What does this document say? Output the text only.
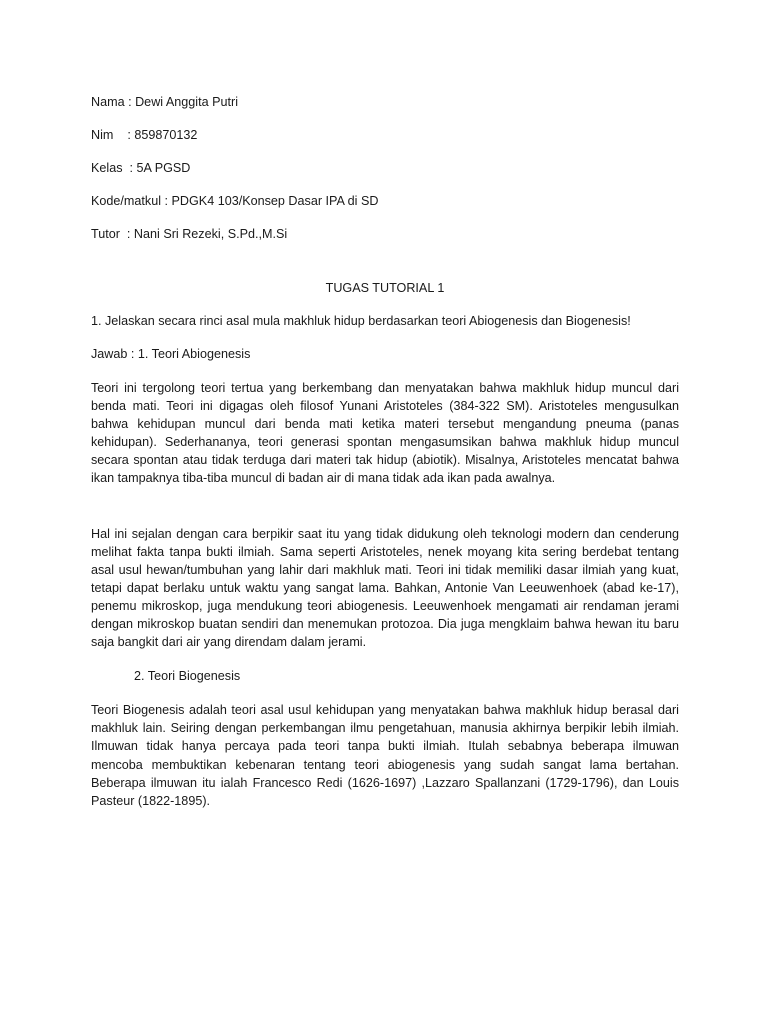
Nama : Dewi Anggita Putri
Nim    : 859870132
Kelas  : 5A PGSD
Kode/matkul : PDGK4 103/Konsep Dasar IPA di SD
Tutor  : Nani Sri Rezeki, S.Pd.,M.Si
TUGAS TUTORIAL 1
1. Jelaskan secara rinci asal mula makhluk hidup berdasarkan teori Abiogenesis dan Biogenesis!
Jawab : 1. Teori Abiogenesis
Teori ini tergolong teori tertua yang berkembang dan menyatakan bahwa makhluk hidup muncul dari
benda mati. Teori ini digagas oleh filosof Yunani Aristoteles (384-322 SM). Aristoteles mengusulkan
bahwa kehidupan muncul dari benda mati ketika materi tersebut mengandung pneuma (panas
kehidupan). Sederhananya, teori generasi spontan mengasumsikan bahwa makhluk hidup muncul
secara spontan atau tidak terduga dari materi tak hidup (abiotik). Misalnya, Aristoteles mencatat bahwa
ikan tampaknya tiba-tiba muncul di badan air di mana tidak ada ikan pada awalnya.
Hal ini sejalan dengan cara berpikir saat itu yang tidak didukung oleh teknologi modern dan cenderung
melihat fakta tanpa bukti ilmiah. Sama seperti Aristoteles, nenek moyang kita sering berdebat tentang
asal usul hewan/tumbuhan yang lahir dari makhluk mati. Teori ini tidak memiliki dasar ilmiah yang kuat,
tetapi dapat berlaku untuk waktu yang sangat lama. Bahkan, Antonie Van Leeuwenhoek (abad ke-17),
penemu mikroskop, juga mendukung teori abiogenesis. Leeuwenhoek mengamati air rendaman jerami
dengan mikroskop buatan sendiri dan menemukan protozoa. Dia juga mengklaim bahwa hewan itu baru
saja bangkit dari air yang direndam dalam jerami.
2. Teori Biogenesis
Teori Biogenesis adalah teori asal usul kehidupan yang menyatakan bahwa makhluk hidup berasal dari
makhluk lain. Seiring dengan perkembangan ilmu pengetahuan, manusia akhirnya berpikir lebih ilmiah.
Ilmuwan tidak hanya percaya pada teori tanpa bukti ilmiah. Itulah sebabnya beberapa ilmuwan
mencoba membuktikan kebenaran tentang teori abiogenesis yang sudah sangat lama bertahan.
Beberapa ilmuwan itu ialah Francesco Redi (1626-1697) ,Lazzaro Spallanzani (1729-1796), dan Louis
Pasteur (1822-1895).
